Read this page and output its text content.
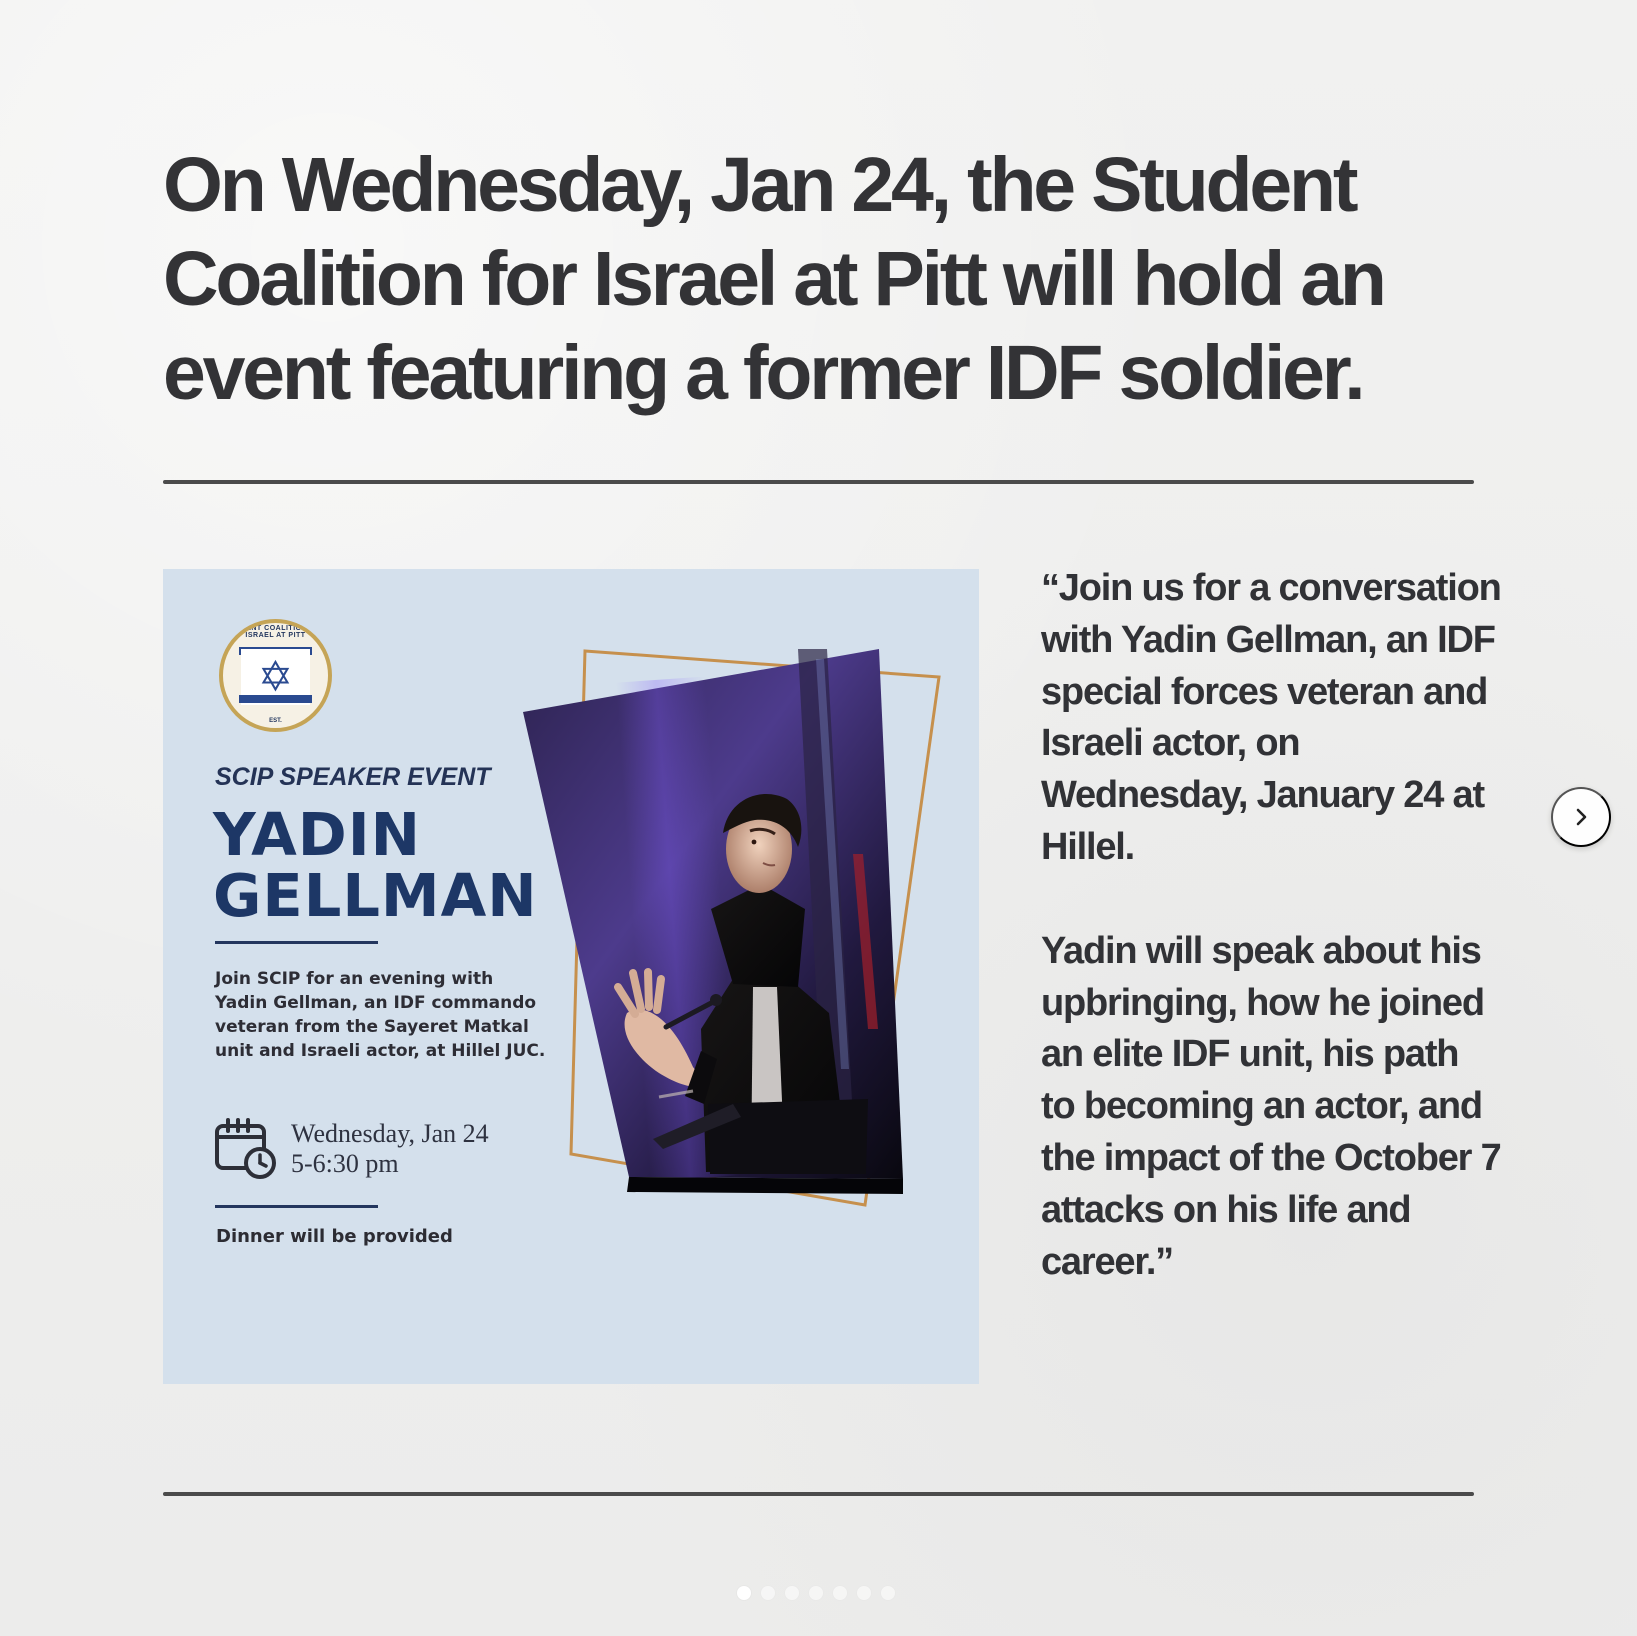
On Wednesday, Jan 24, the Student Coalition for Israel at Pitt will hold an event featuring a former IDF soldier.
STUDENT COALITION FOR ISRAEL AT PITT
✡
EST.
SCIP SPEAKER EVENT
YADIN
GELLMAN

Join SCIP for an evening with Yadin Gellman, an IDF commando veteran from the Sayeret Matkal unit and Israeli actor, at Hillel JUC.

Wednesday, Jan 24
5-6:30 pm

Dinner will be provided

“Join us for a conversation with Yadin Gellman, an IDF special forces veteran and Israeli actor, on Wednesday, January 24 at Hillel.

Yadin will speak about his upbringing, how he joined an elite IDF unit, his path to becoming an actor, and the impact of the October 7 attacks on his life and career.”
